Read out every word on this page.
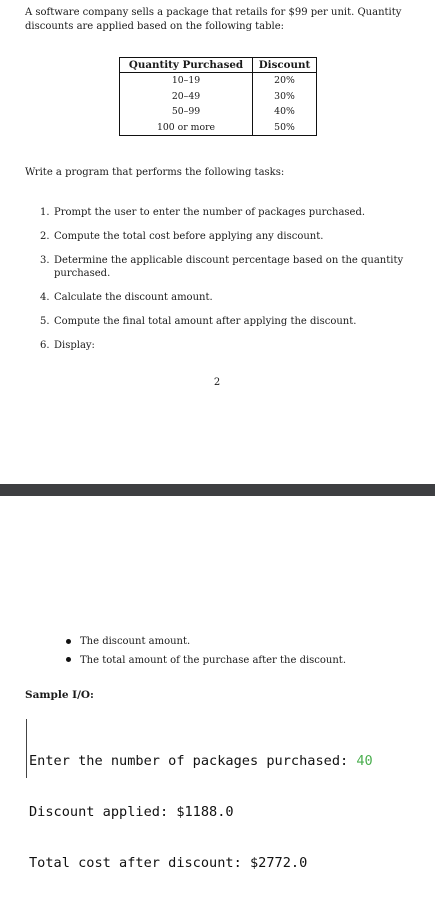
A software company sells a package that retails for $99 per unit. Quantity discounts are applied based on the following table:
Quantity Purchased	Discount
10–19	20%
20–49	30%
50–99	40%
100 or more	50%
Write a program that performs the following tasks:
1. Prompt the user to enter the number of packages purchased.
2. Compute the total cost before applying any discount.
3. Determine the applicable discount percentage based on the quantity purchased.
4. Calculate the discount amount.
5. Compute the final total amount after applying the discount.
6. Display:
2
The discount amount.
The total amount of the purchase after the discount.
Sample I/O:

Enter the number of packages purchased: 40

Discount applied: $1188.0

Total cost after discount: $2772.0
